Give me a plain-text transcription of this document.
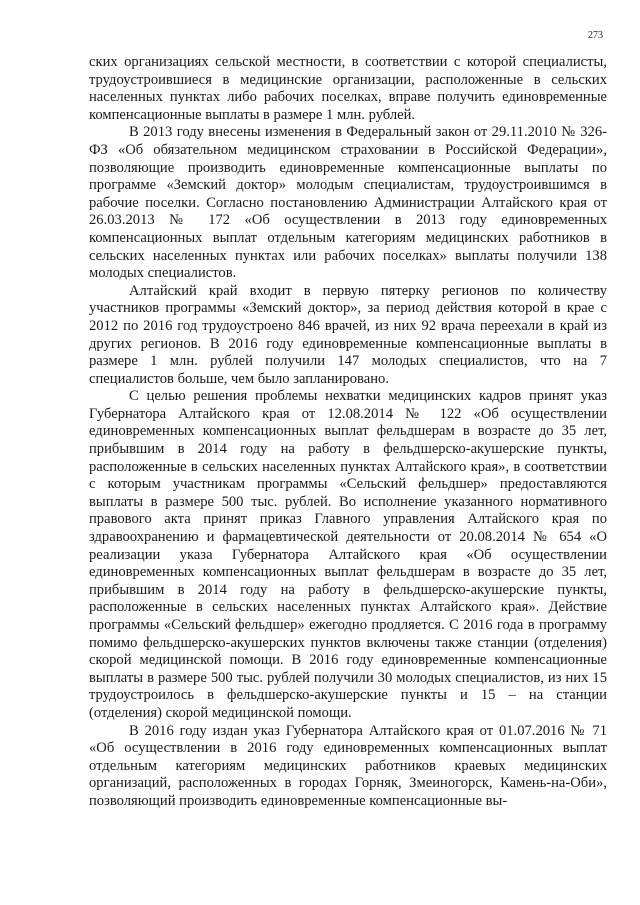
273

ских организациях сельской местности, в соответствии с которой специалисты, трудоустроившиеся в медицинские организации, расположенные в сельских населенных пунктах либо рабочих поселках, вправе получить единовременные компенсационные выплаты в размере 1 млн. рублей.

В 2013 году внесены изменения в Федеральный закон от 29.11.2010 № 326-ФЗ «Об обязательном медицинском страховании в Российской Федерации», позволяющие производить единовременные компенсационные выплаты по программе «Земский доктор» молодым специалистам, трудоустроившимся в рабочие поселки. Согласно постановлению Администрации Алтайского края от 26.03.2013 № 172 «Об осуществлении в 2013 году единовременных компенсационных выплат отдельным категориям медицинских работников в сельских населенных пунктах или рабочих поселках» выплаты получили 138 молодых специалистов.

Алтайский край входит в первую пятерку регионов по количеству участников программы «Земский доктор», за период действия которой в крае с 2012 по 2016 год трудоустроено 846 врачей, из них 92 врача переехали в край из других регионов. В 2016 году единовременные компенсационные выплаты в размере 1 млн. рублей получили 147 молодых специалистов, что на 7 специалистов больше, чем было запланировано.

С целью решения проблемы нехватки медицинских кадров принят указ Губернатора Алтайского края от 12.08.2014 № 122 «Об осуществлении единовременных компенсационных выплат фельдшерам в возрасте до 35 лет, прибывшим в 2014 году на работу в фельдшерско-акушерские пункты, расположенные в сельских населенных пунктах Алтайского края», в соответствии с которым участникам программы «Сельский фельдшер» предоставляются выплаты в размере 500 тыс. рублей. Во исполнение указанного нормативного правового акта принят приказ Главного управления Алтайского края по здравоохранению и фармацевтической деятельности от 20.08.2014 № 654 «О реализации указа Губернатора Алтайского края «Об осуществлении единовременных компенсационных выплат фельдшерам в возрасте до 35 лет, прибывшим в 2014 году на работу в фельдшерско-акушерские пункты, расположенные в сельских населенных пунктах Алтайского края». Действие программы «Сельский фельдшер» ежегодно продляется. С 2016 года в программу помимо фельдшерско-акушерских пунктов включены также станции (отделения) скорой медицинской помощи. В 2016 году единовременные компенсационные выплаты в размере 500 тыс. рублей получили 30 молодых специалистов, из них 15 трудоустроилось в фельдшерско-акушерские пункты и 15 – на станции (отделения) скорой медицинской помощи.

В 2016 году издан указ Губернатора Алтайского края от 01.07.2016 № 71 «Об осуществлении в 2016 году единовременных компенсационных выплат отдельным категориям медицинских работников краевых медицинских организаций, расположенных в городах Горняк, Змеиногорск, Камень-на-Оби», позволяющий производить единовременные компенсационные вы-
